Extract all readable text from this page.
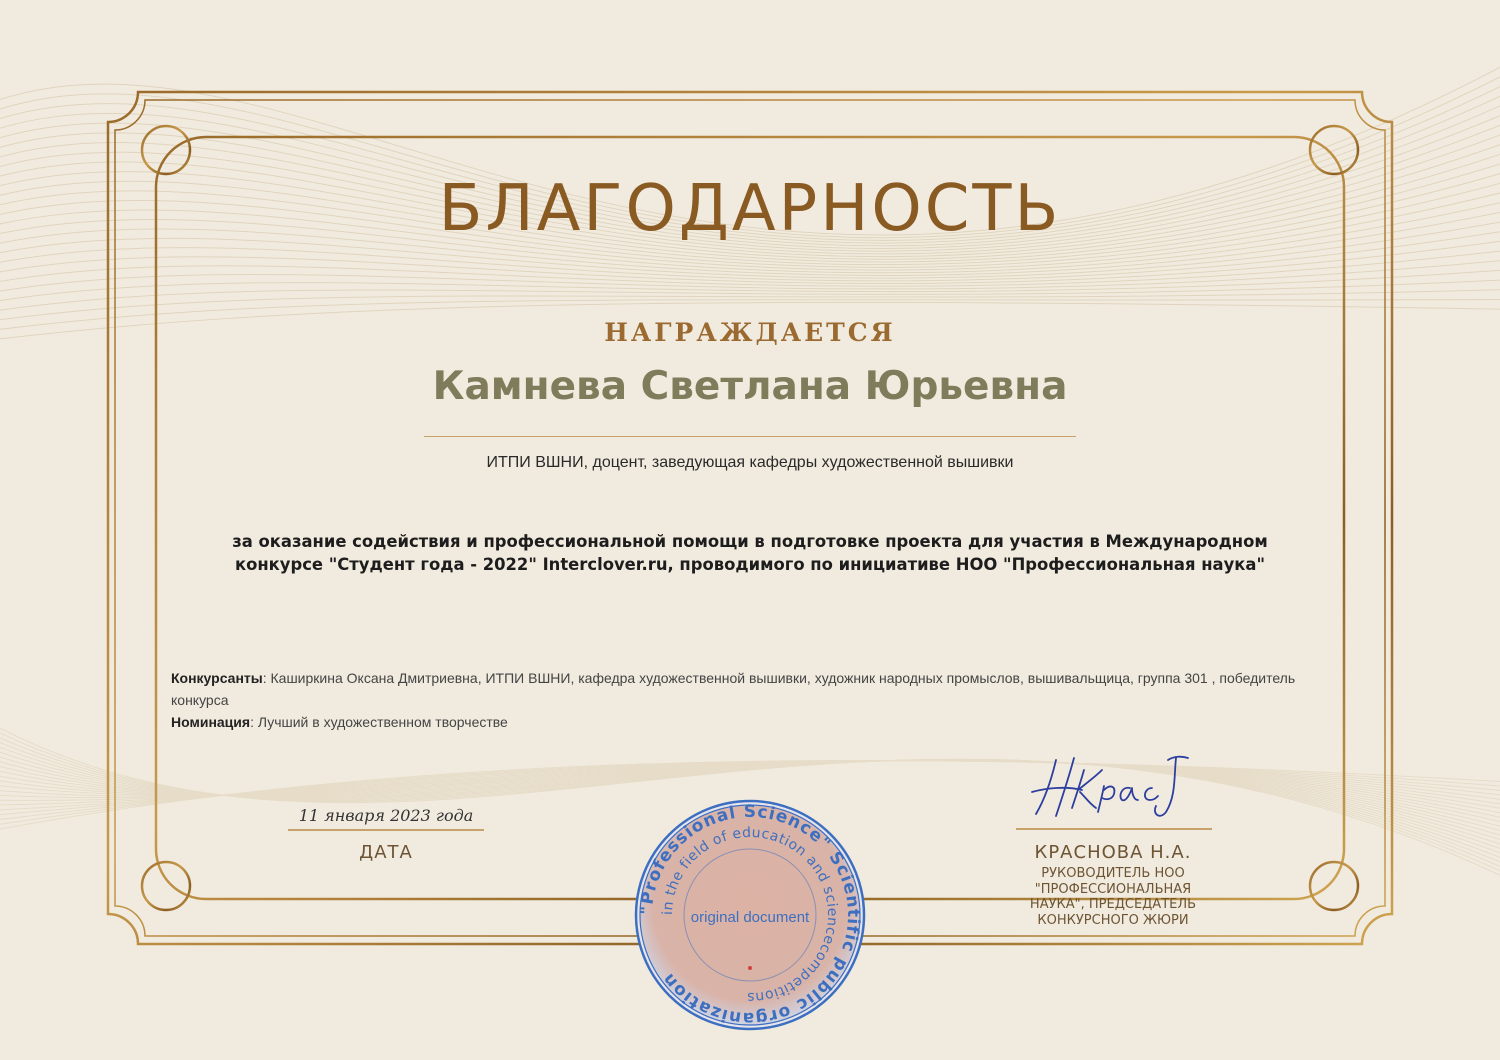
БЛАГОДАРНОСТЬ
НАГРАЖДАЕТСЯ
Камнева Светлана Юрьевна
ИТПИ ВШНИ, доцент, заведующая кафедры художественной вышивки
за оказание содействия и профессиональной помощи в подготовке проекта для участия в Международном
конкурсе "Студент года - 2022" Interclover.ru, проводимого по инициативе НОО "Профессиональная наука"
Конкурсанты: Каширкина Оксана Дмитриевна, ИТПИ ВШНИ, кафедра художественной вышивки, художник народных промыслов, вышивальщица, группа 301 , победитель конкурса
Номинация: Лучший в художественном творчестве
11 января 2023 года
ДАТА	КРАСНОВА Н.А.
РУКОВОДИТЕЛЬ НОО
"ПРОФЕССИОНАЛЬНАЯ
НАУКА", ПРЕДСЕДАТЕЛЬ
КОНКУРСНОГО ЖЮРИ
"Professional Science" Scientific public organization
in the field of education and sciencecompetitions
original document
